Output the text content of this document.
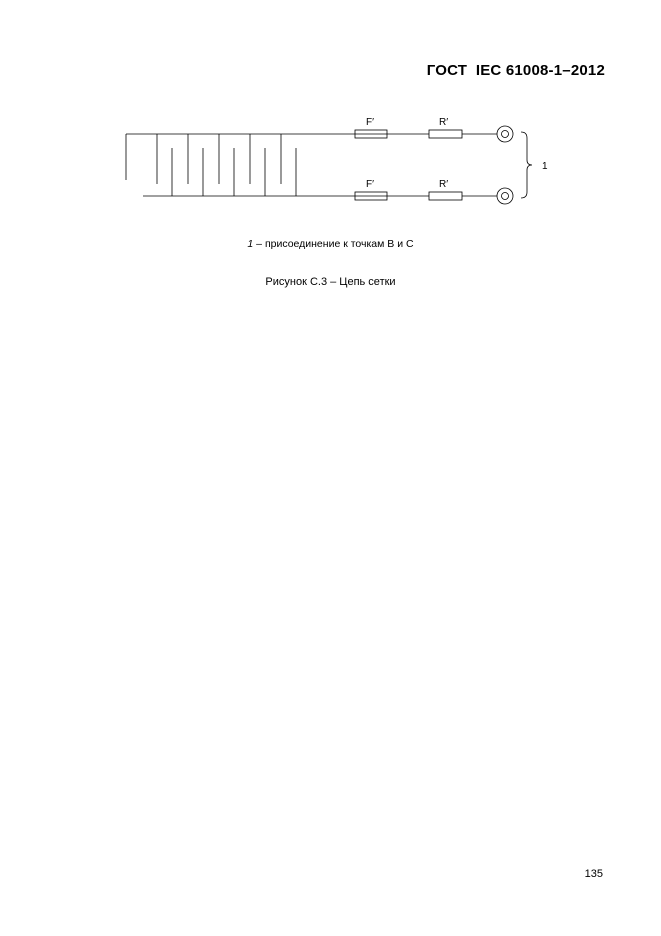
ГОСТ  IEC 61008-1–2012
F′	R′
F′	R′
1
1 – присоединение к точкам В и С
Рисунок С.3 – Цепь сетки
135
